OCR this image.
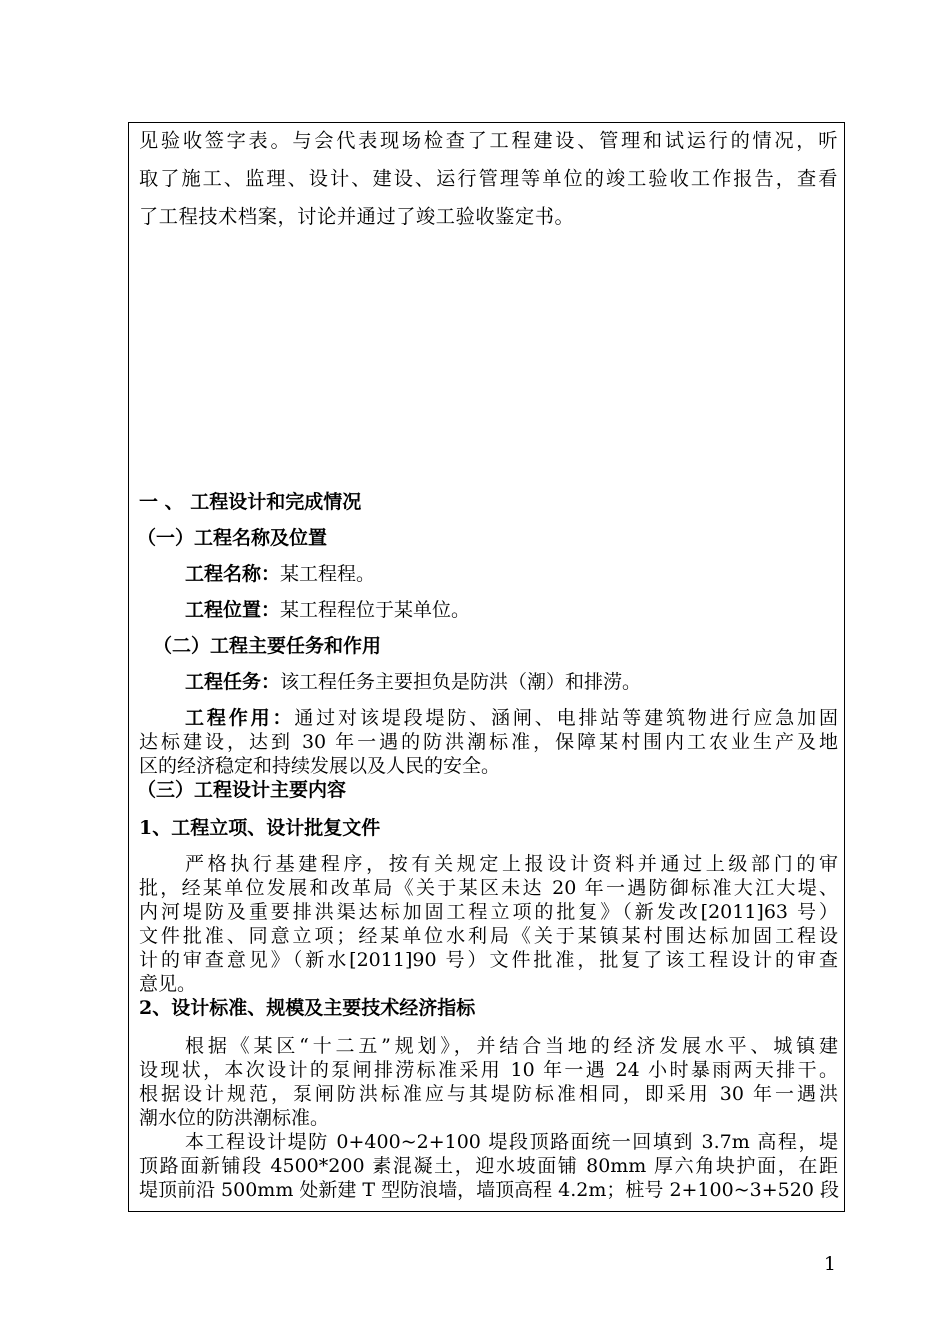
见验收签字表。与会代表现场检查了工程建设、管理和试运行的情况，听
取了施工、监理、设计、建设、运行管理等单位的竣工验收工作报告，查看
了工程技术档案，讨论并通过了竣工验收鉴定书。
一 、 工程设计和完成情况
（一）工程名称及位置
工程名称：某工程程。
工程位置：某工程程位于某单位。
（二）工程主要任务和作用
工程任务：该工程任务主要担负是防洪（潮）和排涝。
工程作用：通过对该堤段堤防、涵闸、电排站等建筑物进行应急加固
达标建设，达到 30 年一遇的防洪潮标准，保障某村围内工农业生产及地
区的经济稳定和持续发展以及人民的安全。
（三）工程设计主要内容
1、工程立项、设计批复文件
严格执行基建程序，按有关规定上报设计资料并通过上级部门的审
批，经某单位发展和改革局《关于某区未达 20 年一遇防御标准大江大堤、
内河堤防及重要排洪渠达标加固工程立项的批复》（新发改[2011]63 号）
文件批准、同意立项；经某单位水利局《关于某镇某村围达标加固工程设
计的审查意见》（新水[2011]90 号）文件批准，批复了该工程设计的审查
意见。
2、设计标准、规模及主要技术经济指标
根据《某区“十二五”规划》，并结合当地的经济发展水平、城镇建
设现状，本次设计的泵闸排涝标准采用 10 年一遇 24 小时暴雨两天排干。
根据设计规范，泵闸防洪标准应与其堤防标准相同，即采用 30 年一遇洪
潮水位的防洪潮标准。
本工程设计堤防 0+400~2+100 堤段顶路面统一回填到 3.7m 高程，堤
顶路面新铺段 4500*200 素混凝土，迎水坡面铺 80mm 厚六角块护面，在距
堤顶前沿 500mm 处新建 T 型防浪墙，墙顶高程 4.2m；桩号 2+100~3+520 段
1
